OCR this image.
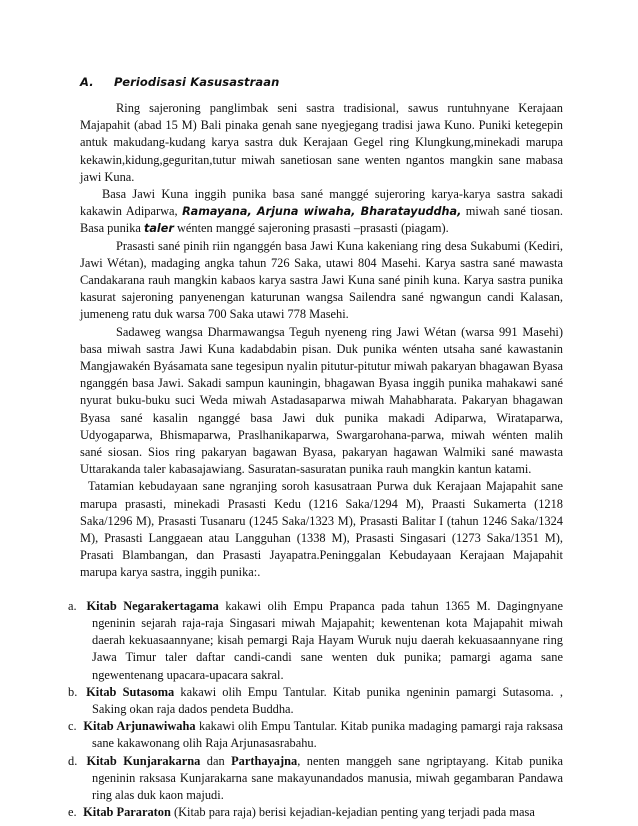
A. Periodisasi Kasusastraan

Ring sajeroning panglimbak seni sastra tradisional, sawus runtuhnyane Kerajaan Majapahit (abad 15 M) Bali pinaka genah sane nyegjegang tradisi jawa Kuno. Puniki ketegepin antuk makudang-kudang karya sastra duk Kerajaan Gegel ring Klungkung,minekadi marupa kekawin,kidung,geguritan,tutur miwah sanetiosan sane wenten ngantos mangkin sane mabasa jawi Kuna.

Basa Jawi Kuna inggih punika basa sané manggé sujeroring karya-karya sastra sakadi kakawin Adiparwa, Ramayana, Arjuna wiwaha, Bharatayuddha, miwah sané tiosan. Basa punika taler wénten manggé sajeroning prasasti –prasasti (piagam).

Prasasti sané pinih riin nganggén basa Jawi Kuna kakeniang ring desa Sukabumi (Kediri, Jawi Wétan), madaging angka tahun 726 Saka, utawi 804 Masehi. Karya sastra sané mawasta Candakarana rauh mangkin kabaos karya sastra Jawi Kuna sané pinih kuna. Karya sastra punika kasurat sajeroning panyenengan katurunan wangsa Sailendra sané ngwangun candi Kalasan, jumeneng ratu duk warsa 700 Saka utawi 778 Masehi.

Sadaweg wangsa Dharmawangsa Teguh nyeneng ring Jawi Wétan (warsa 991 Masehi) basa miwah sastra Jawi Kuna kadabdabin pisan. Duk punika wénten utsaha sané kawastanin Mangjawakén Byásamata sane tegesipun nyalin pitutur-pitutur miwah pakaryan bhagawan Byasa nganggén basa Jawi. Sakadi sampun kauningin, bhagawan Byasa inggih punika mahakawi sané nyurat buku-buku suci Weda miwah Astadasaparwa miwah Mahabharata. Pakaryan bhagawan Byasa sané kasalin nganggé basa Jawi duk punika makadi Adiparwa, Wirataparwa, Udyogaparwa, Bhismaparwa, Praslhanikaparwa, Swargarohana-parwa, miwah wénten malih sané siosan. Sios ring pakaryan bagawan Byasa, pakaryan hagawan Walmiki sané mawasta Uttarakanda taler kabasajawiang. Sasuratan-sasuratan punika rauh mangkin kantun katami.

Tatamian kebudayaan sane ngranjing soroh kasusatraan Purwa duk Kerajaan Majapahit sane marupa prasasti, minekadi Prasasti Kedu (1216 Saka/1294 M), Praasti Sukamerta (1218 Saka/1296 M), Prasasti Tusanaru (1245 Saka/1323 M), Prasasti Balitar I (tahun 1246 Saka/1324 M), Prasasti Langgaean atau Langguhan (1338 M), Prasasti Singasari (1273 Saka/1351 M), Prasati Blambangan, dan Prasasti Jayapatra.Peninggalan Kebudayaan Kerajaan Majapahit marupa karya sastra, inggih punika:.

a. Kitab Negarakertagama kakawi olih Empu Prapanca pada tahun 1365 M. Dagingnyane ngeninin sejarah raja-raja Singasari miwah Majapahit; kewentenan kota Majapahit miwah daerah kekuasaannyane; kisah pemargi Raja Hayam Wuruk nuju daerah kekuasaannyane ring Jawa Timur taler daftar candi-candi sane wenten duk punika; pamargi agama sane ngewentenang upacara-upacara sakral.
b. Kitab Sutasoma kakawi olih Empu Tantular. Kitab punika ngeninin pamargi Sutasoma. , Saking okan raja dados pendeta Buddha.
c. Kitab Arjunawiwaha kakawi olih Empu Tantular. Kitab punika madaging pamargi raja raksasa sane kakawonang olih Raja Arjunasasrabahu.
d. Kitab Kunjarakarna dan Parthayajna, nenten manggeh sane ngriptayang. Kitab punika ngeninin raksasa Kunjarakarna sane makayunandados manusia, miwah gegambaran Pandawa ring alas duk kaon majudi.
e. Kitab Pararaton (Kitab para raja) berisi kejadian-kejadian penting yang terjadi pada masa
